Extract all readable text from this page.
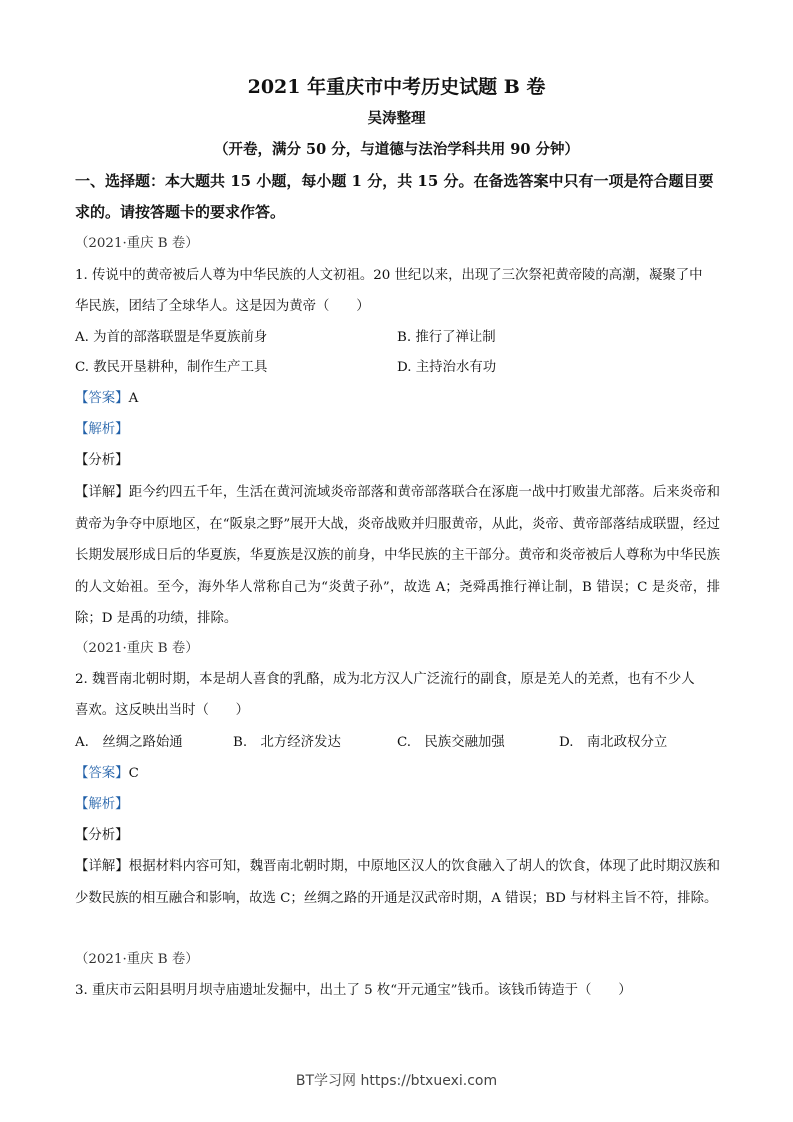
2021 年重庆市中考历史试题 B 卷
吴涛整理
（开卷，满分 50 分，与道德与法治学科共用 90 分钟）
一、选择题：本大题共 15 小题，每小题 1 分，共 15 分。在备选答案中只有一项是符合题目要求的。请按答题卡的要求作答。
（2021·重庆 B 卷）
1. 传说中的黄帝被后人尊为中华民族的人文初祖。20 世纪以来，出现了三次祭祀黄帝陵的高潮，凝聚了中
华民族，团结了全球华人。这是因为黄帝（　　）
A. 为首的部落联盟是华夏族前身	B. 推行了禅让制
C. 教民开垦耕种，制作生产工具	D. 主持治水有功
【答案】A
【解析】
【分析】
【详解】距今约四五千年，生活在黄河流域炎帝部落和黄帝部落联合在涿鹿一战中打败蚩尤部落。后来炎帝和黄帝为争夺中原地区，在“阪泉之野”展开大战，炎帝战败并归服黄帝，从此，炎帝、黄帝部落结成联盟，经过长期发展形成日后的华夏族，华夏族是汉族的前身，中华民族的主干部分。黄帝和炎帝被后人尊称为中华民族的人文始祖。至今，海外华人常称自己为“炎黄子孙”，故选 A；尧舜禹推行禅让制，B 错误；C 是炎帝，排除；D 是禹的功绩，排除。
（2021·重庆 B 卷）
2. 魏晋南北朝时期，本是胡人喜食的乳酪，成为北方汉人广泛流行的副食，原是羌人的羌煮，也有不少人
喜欢。这反映出当时（　　）
A.　丝绸之路始通	B.　北方经济发达	C.　民族交融加强	D.　南北政权分立
【答案】C
【解析】
【分析】
【详解】根据材料内容可知，魏晋南北朝时期，中原地区汉人的饮食融入了胡人的饮食，体现了此时期汉族和少数民族的相互融合和影响，故选 C；丝绸之路的开通是汉武帝时期，A 错误；BD 与材料主旨不符，排除。
（2021·重庆 B 卷）
3. 重庆市云阳县明月坝寺庙遗址发掘中，出土了 5 枚“开元通宝”钱币。该钱币铸造于（　　）
BT学习网 https://btxuexi.com
